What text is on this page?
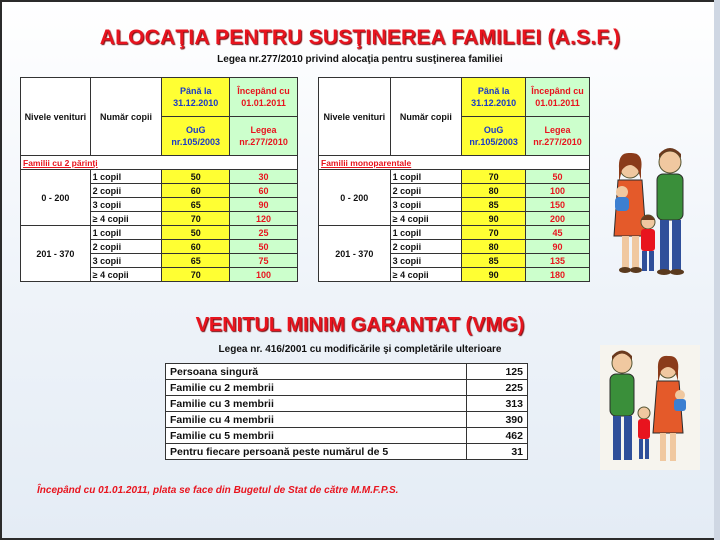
ALOCAŢIA PENTRU SUSŢINEREA FAMILIEI (A.S.F.)
Legea nr.277/2010 privind alocaţia pentru susţinerea familiei
Nivele venituri	Număr copii	Până la 31.12.2010	Începând cu 01.01.2011
		OuG nr.105/2003	Legea nr.277/2010
Familii cu 2 părinţi			
0 - 200	1 copil	50	30
	2 copii	60	60
	3 copii	65	90
	≥ 4 copii	70	120
201 - 370	1 copil	50	25
	2 copii	60	50
	3 copii	65	75
	≥ 4 copii	70	100
Nivele venituri	Număr copii	Până la 31.12.2010	Începând cu 01.01.2011
		OuG nr.105/2003	Legea nr.277/2010
Familii monoparentale			
0 - 200	1 copil	70	50
	2 copii	80	100
	3 copii	85	150
	≥ 4 copii	90	200
201 - 370	1 copil	70	45
	2 copii	80	90
	3 copii	85	135
	≥ 4 copii	90	180
VENITUL MINIM GARANTAT (VMG)
Legea nr. 416/2001 cu modificările şi completările ulterioare
Persoana singură	125
Familie cu 2 membrii	225
Familie cu 3 membrii	313
Familie cu 4 membrii	390
Familie cu 5 membrii	462
Pentru fiecare persoană peste numărul de 5	31
Începând cu 01.01.2011, plata se face din Bugetul de Stat de către M.M.F.P.S.
